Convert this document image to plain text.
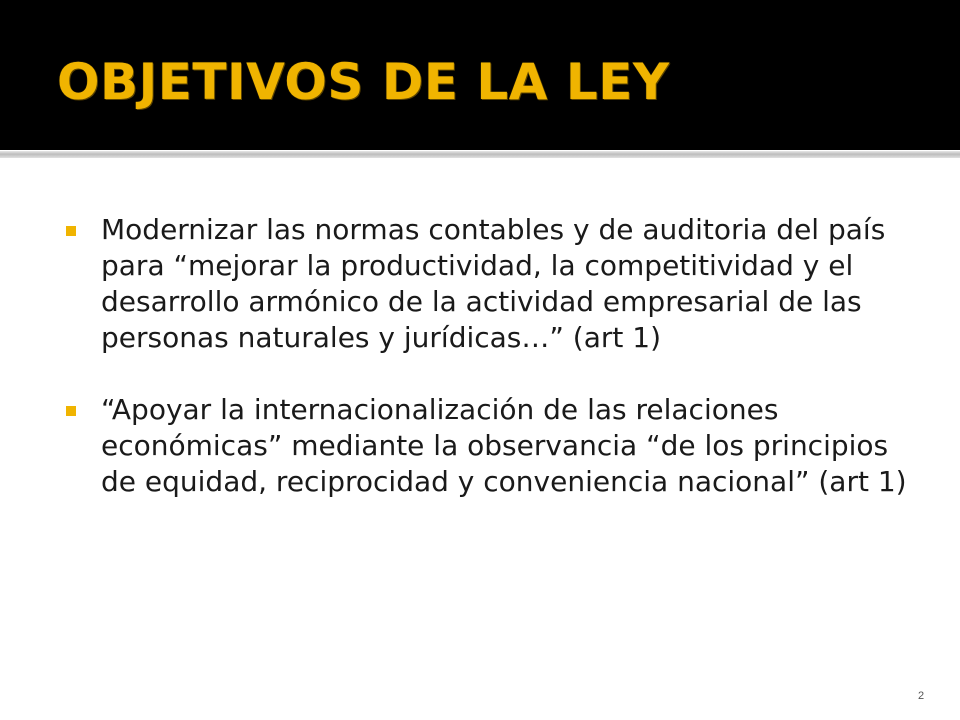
OBJETIVOS DE LA LEY
Modernizar las normas contables y de auditoria del país para “mejorar la productividad, la competitividad y el desarrollo armónico de la actividad empresarial de las personas naturales y jurídicas…” (art 1)
“Apoyar la internacionalización de las relaciones económicas” mediante la observancia “de los principios de equidad, reciprocidad y conveniencia nacional” (art 1)
2
